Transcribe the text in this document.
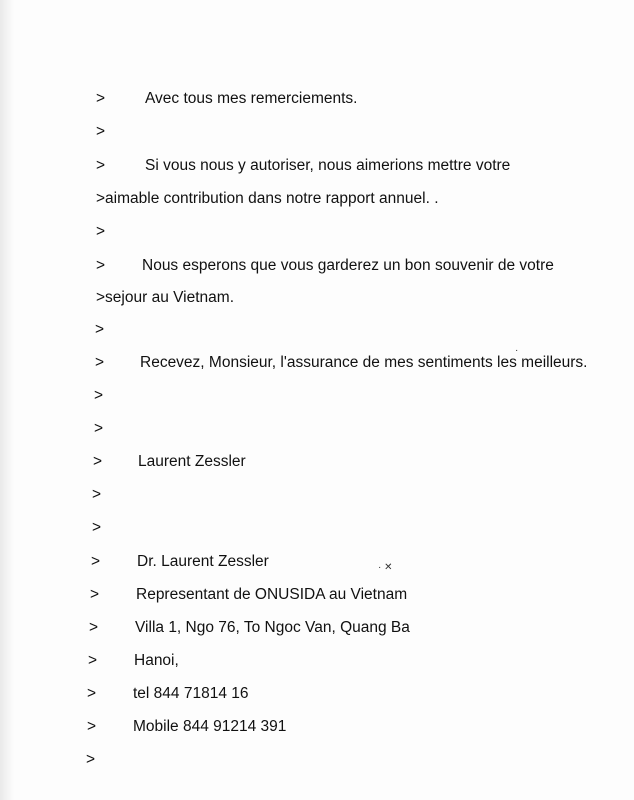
>	Avec tous mes remerciements.
>
>	Si vous nous y autoriser, nous aimerions mettre votre
>aimable contribution dans notre rapport annuel. .
>
> Nous esperons que vous garderez un bon souvenir de votre
>sejour au Vietnam.
>
> Recevez, Monsieur, l'assurance de mes sentiments les meilleurs.
>
>
> Laurent Zessler
>
>
> Dr. Laurent Zessler
> Representant de ONUSIDA au Vietnam
> Villa 1, Ngo 76, To Ngoc Van, Quang Ba
> Hanoi,
> tel 844 71814 16
> Mobile 844 91214 391
>
· ✕
·
